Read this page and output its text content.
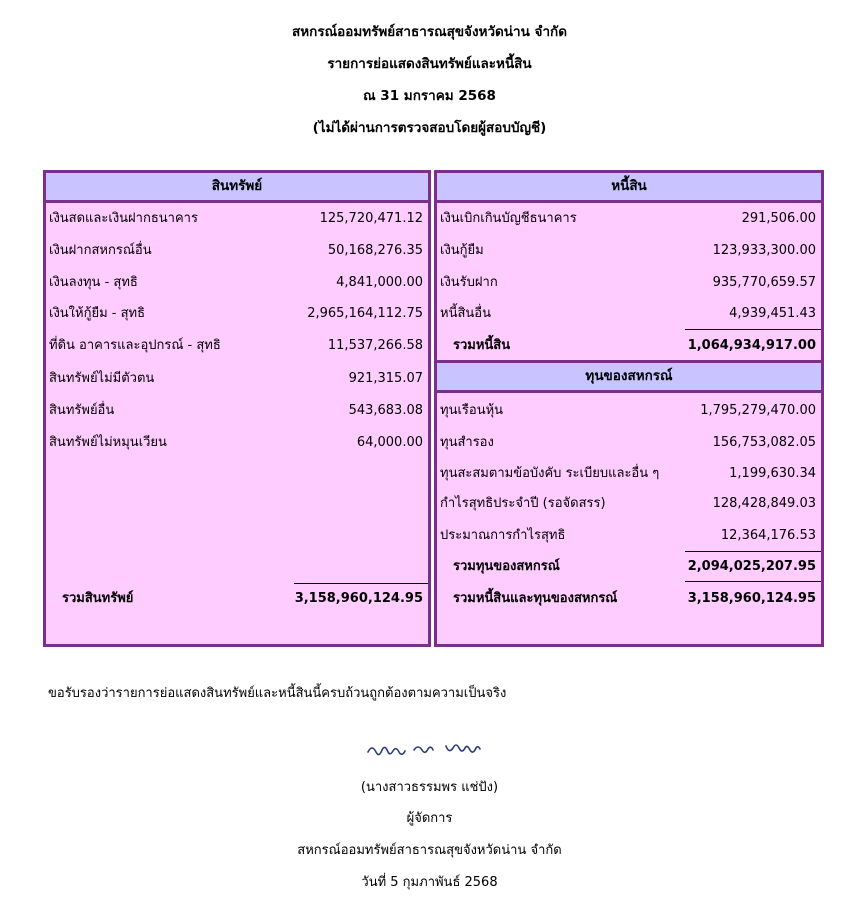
สหกรณ์ออมทรัพย์สาธารณสุขจังหวัดน่าน จำกัด
รายการย่อแสดงสินทรัพย์และหนี้สิน
ณ 31 มกราคม 2568
(ไม่ได้ผ่านการตรวจสอบโดยผู้สอบบัญชี)
สินทรัพย์
เงินสดและเงินฝากธนาคาร	125,720,471.12
เงินฝากสหกรณ์อื่น	50,168,276.35
เงินลงทุน - สุทธิ	4,841,000.00
เงินให้กู้ยืม - สุทธิ	2,965,164,112.75
ที่ดิน อาคารและอุปกรณ์ - สุทธิ	11,537,266.58
สินทรัพย์ไม่มีตัวตน	921,315.07
สินทรัพย์อื่น	543,683.08
สินทรัพย์ไม่หมุนเวียน	64,000.00
รวมสินทรัพย์	3,158,960,124.95
หนี้สิน
เงินเบิกเกินบัญชีธนาคาร	291,506.00
เงินกู้ยืม	123,933,300.00
เงินรับฝาก	935,770,659.57
หนี้สินอื่น	4,939,451.43
รวมหนี้สิน	1,064,934,917.00
ทุนของสหกรณ์
ทุนเรือนหุ้น	1,795,279,470.00
ทุนสำรอง	156,753,082.05
ทุนสะสมตามข้อบังคับ ระเบียบและอื่น ๆ	1,199,630.34
กำไรสุทธิประจำปี (รอจัดสรร)	128,428,849.03
ประมาณการกำไรสุทธิ	12,364,176.53
รวมทุนของสหกรณ์	2,094,025,207.95
รวมหนี้สินและทุนของสหกรณ์	3,158,960,124.95
ขอรับรองว่ารายการย่อแสดงสินทรัพย์และหนี้สินนี้ครบถ้วนถูกต้องตามความเป็นจริง
(นางสาวธรรมพร แช่ปัง)
ผู้จัดการ
สหกรณ์ออมทรัพย์สาธารณสุขจังหวัดน่าน จำกัด
วันที่ 5 กุมภาพันธ์ 2568
